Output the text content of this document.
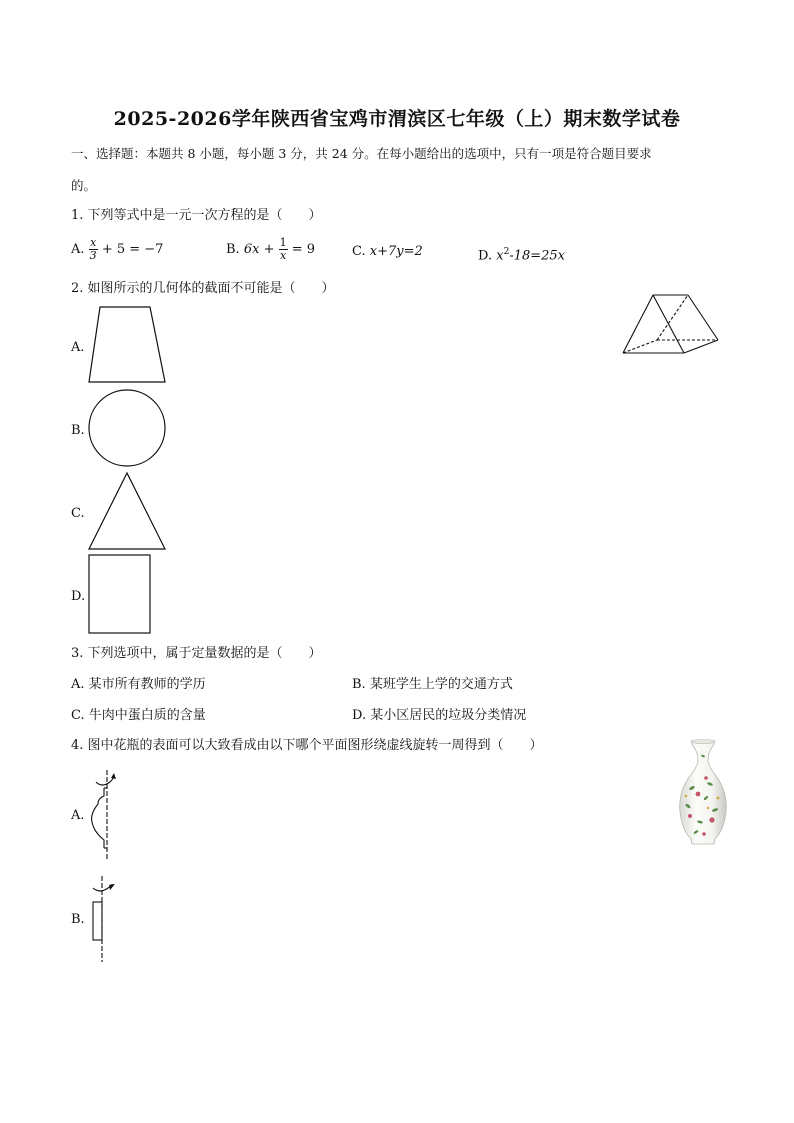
2025-2026学年陕西省宝鸡市渭滨区七年级（上）期末数学试卷
一、选择题：本题共 8 小题，每小题 3 分，共 24 分。在每小题给出的选项中，只有一项是符合题目要求
的。
1. 下列等式中是一元一次方程的是（　　）
A. $\frac{x}{3} + 5 = -7$	B. $6x + \frac{1}{x} = 9$	C. x+7y=2	D. $x^2-18=25x$
2. 如图所示的几何体的截面不可能是（　　）
A.
B.
C.
D.
3. 下列选项中，属于定量数据的是（　　）
A. 某市所有教师的学历	B. 某班学生上学的交通方式
C. 牛肉中蛋白质的含量	D. 某小区居民的垃圾分类情况
4. 图中花瓶的表面可以大致看成由以下哪个平面图形绕虚线旋转一周得到（　　）
A.
B.
